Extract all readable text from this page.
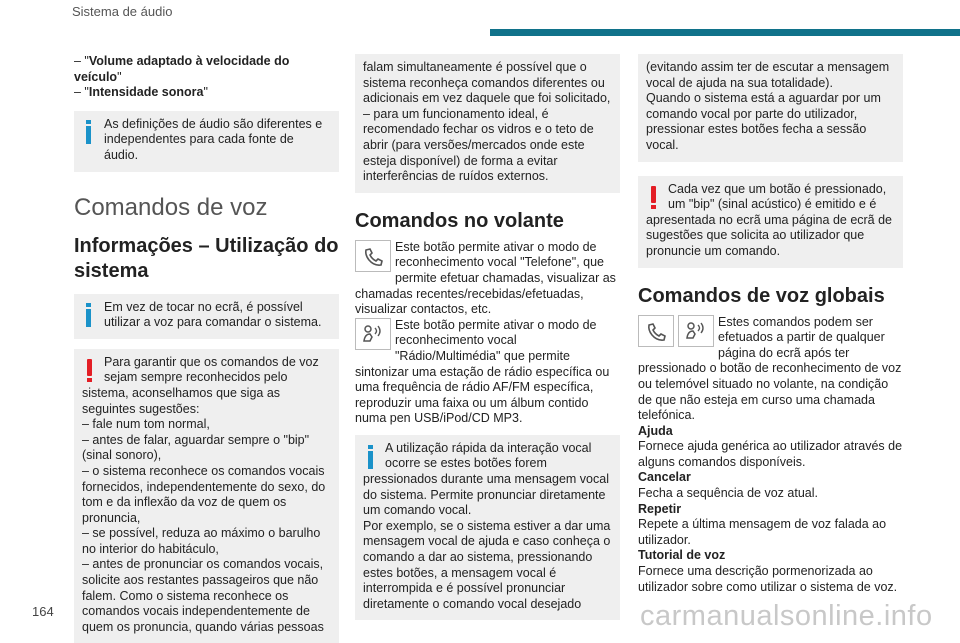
Sistema de áudio

– "Volume adaptado à velocidade do veículo"

– "Intensidade sonora"

As definições de áudio são diferentes e independentes para cada fonte de áudio.
Comandos de voz
Informações – Utilização do sistema
Em vez de tocar no ecrã, é possível utilizar a voz para comandar o sistema.

Para garantir que os comandos de voz sejam sempre reconhecidos pelo

sistema, aconselhamos que siga as seguintes sugestões:

– fale num tom normal,

– antes de falar, aguardar sempre o "bip" (sinal sonoro),

– o sistema reconhece os comandos vocais fornecidos, independentemente do sexo, do tom e da inflexão da voz de quem os pronuncia,

– se possível, reduza ao máximo o barulho no interior do habitáculo,

– antes de pronunciar os comandos vocais, solicite aos restantes passageiros que não falem. Como o sistema reconhece os comandos vocais independentemente de quem os pronuncia, quando várias pessoas

falam simultaneamente é possível que o sistema reconheça comandos diferentes ou adicionais em vez daquele que foi solicitado,

– para um funcionamento ideal, é recomendado fechar os vidros e o teto de abrir (para versões/mercados onde este esteja disponível) de forma a evitar interferências de ruídos externos.

Comandos no volante

Este botão permite ativar o modo de reconhecimento vocal "Telefone", que permite efetuar chamadas, visualizar as chamadas recentes/recebidas/efetuadas, visualizar contactos, etc.

Este botão permite ativar o modo de reconhecimento vocal "Rádio/Multimédia" que permite sintonizar uma estação de rádio específica ou uma frequência de rádio AF/FM específica, reproduzir uma faixa ou um álbum contido numa pen USB/iPod/CD MP3.

A utilização rápida da interação vocal ocorre se estes botões forem

pressionados durante uma mensagem vocal do sistema. Permite pronunciar diretamente um comando vocal.

Por exemplo, se o sistema estiver a dar uma mensagem vocal de ajuda e caso conheça o comando a dar ao sistema, pressionando estes botões, a mensagem vocal é interrompida e é possível pronunciar diretamente o comando vocal desejado

(evitando assim ter de escutar a mensagem vocal de ajuda na sua totalidade).

Quando o sistema está a aguardar por um comando vocal por parte do utilizador, pressionar estes botões fecha a sessão vocal.

Cada vez que um botão é pressionado, um "bip" (sinal acústico) é emitido e é

apresentada no ecrã uma página de ecrã de sugestões que solicita ao utilizador que pronuncie um comando.

Comandos de voz globais

Estes comandos podem ser efetuados a partir de qualquer página do ecrã após ter pressionado o botão de reconhecimento de voz ou telemóvel situado no volante, na condição de que não esteja em curso uma chamada telefónica.

Ajuda

Fornece ajuda genérica ao utilizador através de alguns comandos disponíveis.

Cancelar

Fecha a sequência de voz atual.

Repetir

Repete a última mensagem de voz falada ao utilizador.

Tutorial de voz

Fornece uma descrição pormenorizada ao utilizador sobre como utilizar o sistema de voz.

164	carmanualsonline.info
